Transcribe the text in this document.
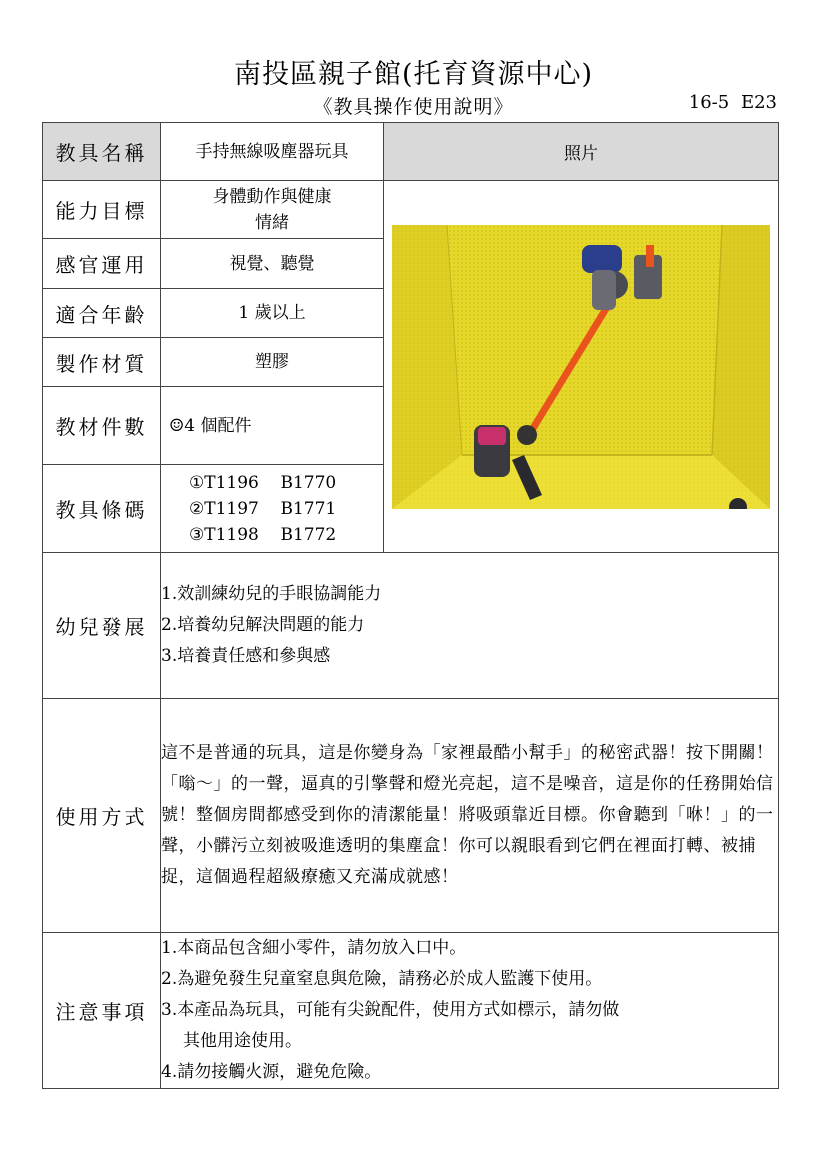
南投區親子館(托育資源中心)
《教具操作使用說明》	16-5 E23
教具名稱	手持無線吸塵器玩具	照片
能力目標	身體動作與健康
情緒

感官運用	視覺、聽覺	
適合年齡	1 歲以上	
製作材質	塑膠	
教材件數	☺4 個配件	
教具條碼	①T1196    B1770
②T1197    B1771
③T1198    B1772	

幼兒發展	1.效訓練幼兒的手眼協調能力
2.培養幼兒解決問題的能力
3.培養責任感和參與感	

使用方式	這不是普通的玩具，這是你變身為「家裡最酷小幫手」的秘密武器！按下開關！「嗡～」的一聲，逼真的引擎聲和燈光亮起，這不是噪音，這是你的任務開始信號！整個房間都感受到你的清潔能量！將吸頭靠近目標。你會聽到「咻！」的一聲，小髒污立刻被吸進透明的集塵盒！你可以親眼看到它們在裡面打轉、被捕捉，這個過程超級療癒又充滿成就感！	

注意事項	1.本商品包含細小零件，請勿放入口中。
2.為避免發生兒童窒息與危險，請務必於成人監護下使用。
3.本產品為玩具，可能有尖銳配件，使用方式如標示，請勿做
其他用途使用。
4.請勿接觸火源，避免危險。	
